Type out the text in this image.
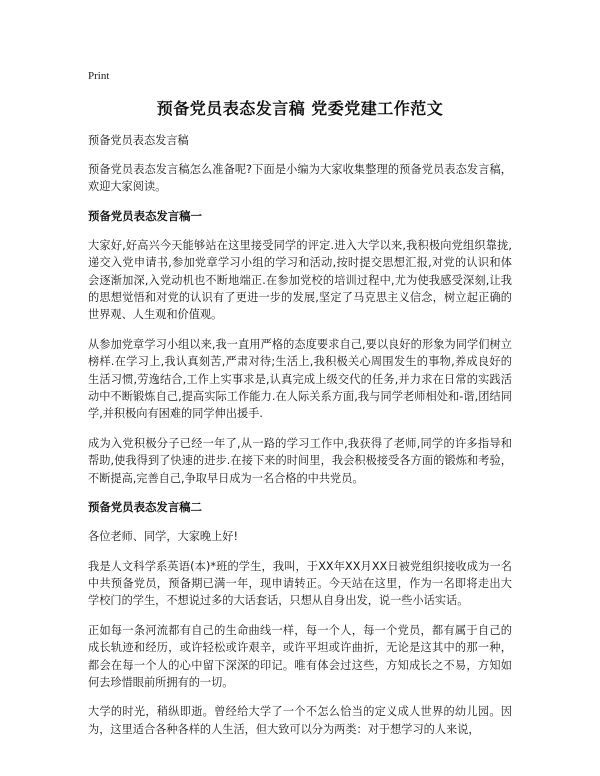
Print
预备党员表态发言稿 党委党建工作范文

预备党员表态发言稿

预备党员表态发言稿怎么准备呢?下面是小编为大家收集整理的预备党员表态发言稿，欢迎大家阅读。

预备党员表态发言稿一

大家好,好高兴今天能够站在这里接受同学的评定.进入大学以来,我积极向党组织靠拢,递交入党申请书,参加党章学习小组的学习和活动,按时提交思想汇报,对党的认识和体会逐渐加深,入党动机也不断地端正.在参加党校的培训过程中,尤为使我感受深刻,让我的思想觉悟和对党的认识有了更进一步的发展,坚定了马克思主义信念，树立起正确的世界观、人生观和价值观。

从参加党章学习小组以来,我一直用严格的态度要求自己,要以良好的形象为同学们树立榜样.在学习上,我认真刻苦,严肃对待;生活上,我积极关心周围发生的事物,养成良好的生活习惯,劳逸结合,工作上实事求是,认真完成上级交代的任务,并力求在日常的实践活动中不断锻炼自己,提高实际工作能力.在人际关系方面,我与同学老师相处和-谐,团结同学,并积极向有困难的同学伸出援手.

成为入党积极分子已经一年了,从一路的学习工作中,我获得了老师,同学的许多指导和帮助,使我得到了快速的进步.在接下来的时间里，我会积极接受各方面的锻炼和考验，不断提高,完善自己,争取早日成为一名合格的中共党员。

预备党员表态发言稿二

各位老师、同学，大家晚上好!

我是人文科学系英语(本)*班的学生，我叫，于XX年XX月XX日被党组织接收成为一名中共预备党员，预备期已满一年，现申请转正。今天站在这里，作为一名即将走出大学校门的学生，不想说过多的大话套话，只想从自身出发，说一些小话实话。

正如每一条河流都有自己的生命曲线一样，每一个人，每一个党员，都有属于自己的成长轨迹和经历，或许轻松或许艰辛，或许平坦或许曲折，无论是这其中的那一种，都会在每一个人的心中留下深深的印记。唯有体会过这些，方知成长之不易，方知如何去珍惜眼前所拥有的一切。

大学的时光，稍纵即逝。曾经给大学了一个不怎么恰当的定义成人世界的幼儿园。因为，这里适合各种各样的人生活，但大致可以分为两类：对于想学习的人来说，
